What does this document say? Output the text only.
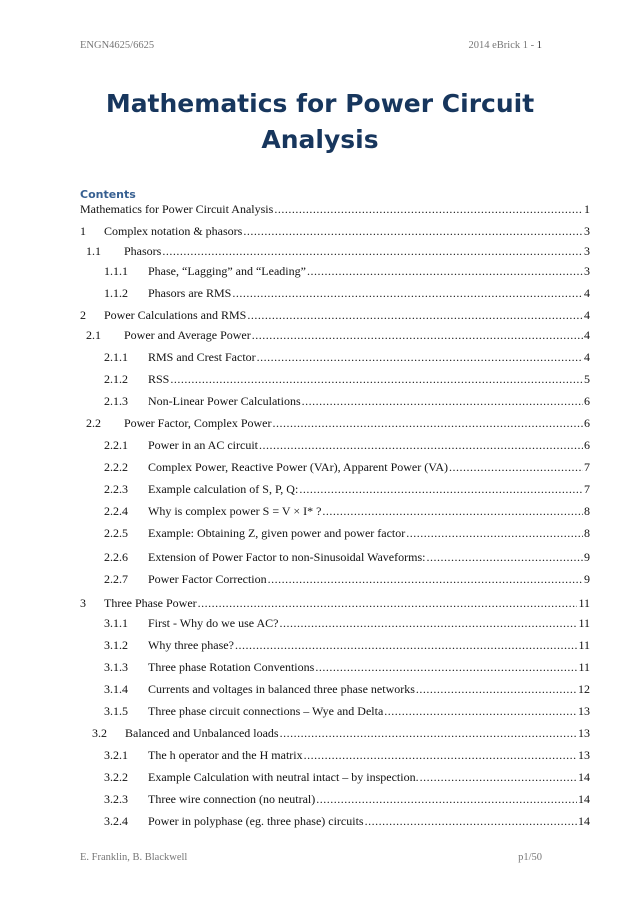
ENGN4625/6625	2014 eBrick 1 - 1
Mathematics for Power Circuit
Analysis
Contents
Mathematics for Power Circuit Analysis .....	1
1	Complex notation & phasors .....	3
1.1	Phasors .....	3
1.1.1	Phase, “Lagging” and “Leading” .....	3
1.1.2	Phasors are RMS .....	4
2	Power Calculations and RMS .....	4
2.1	Power and Average Power .....	4
2.1.1	RMS and Crest Factor .....	4
2.1.2	RSS .....	5
2.1.3	Non-Linear Power Calculations .....	6
2.2	Power Factor, Complex Power .....	6
2.2.1	Power in an AC circuit .....	6
2.2.2	Complex Power, Reactive Power (VAr), Apparent Power (VA) .....	7
2.2.3	Example calculation of S, P, Q: .....	7
2.2.4	Why is complex power S = V × I* ? .....	8
2.2.5	Example: Obtaining Z, given power and power factor .....	8
2.2.6	Extension of Power Factor to non-Sinusoidal Waveforms: .....	9
2.2.7	Power Factor Correction .....	9
3	Three Phase Power .....	11
3.1.1	First - Why do we use AC? .....	11
3.1.2	Why three phase? .....	11
3.1.3	Three phase Rotation Conventions .....	11
3.1.4	Currents and voltages in balanced three phase networks .....	12
3.1.5	Three phase circuit connections – Wye and Delta .....	13
3.2	Balanced and Unbalanced loads .....	13
3.2.1	The h operator and the H matrix .....	13
3.2.2	Example Calculation with neutral intact – by inspection. .....	14
3.2.3	Three wire connection (no neutral) .....	14
3.2.4	Power in polyphase (eg. three phase) circuits .....	14
E. Franklin, B. Blackwell	p1/50
